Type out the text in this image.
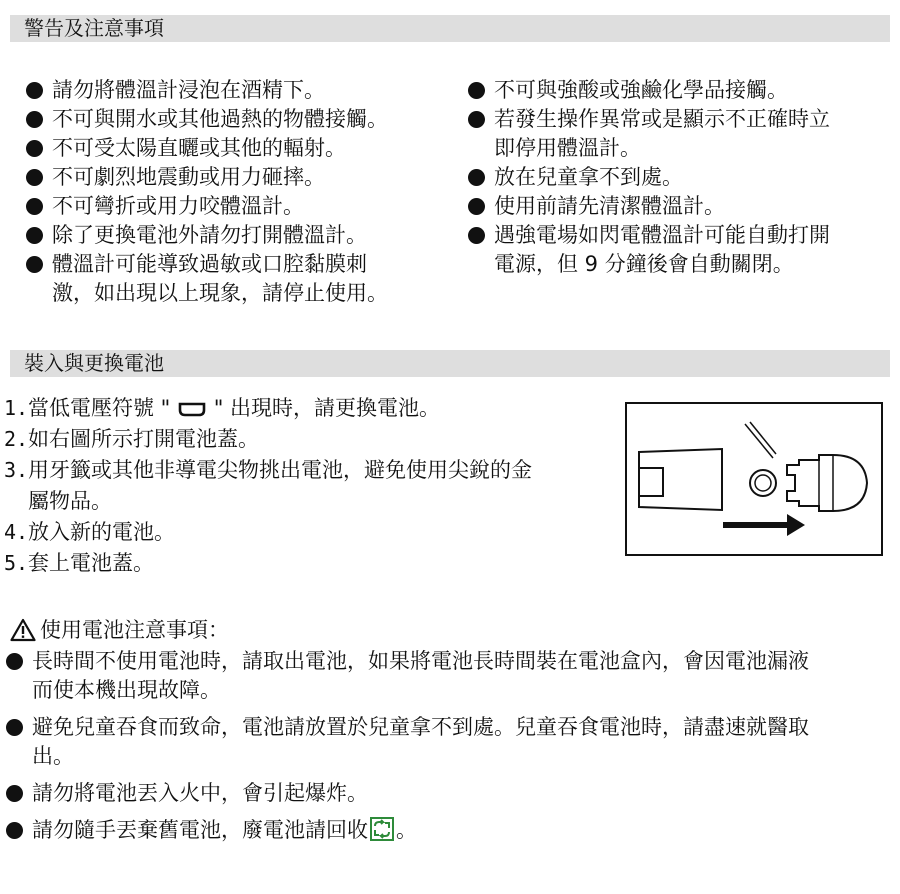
警告及注意事項
請勿將體溫計浸泡在酒精下。
不可與開水或其他過熱的物體接觸。
不可受太陽直曬或其他的輻射。
不可劇烈地震動或用力砸摔。
不可彎折或用力咬體溫計。
除了更換電池外請勿打開體溫計。
體溫計可能導致過敏或口腔黏膜刺
激，如出現以上現象，請停止使用。
不可與強酸或強鹼化學品接觸。
若發生操作異常或是顯示不正確時立
即停用體溫計。
放在兒童拿不到處。
使用前請先清潔體溫計。
遇強電場如閃電體溫計可能自動打開
電源，但 9 分鐘後會自動關閉。
裝入與更換電池
1. 當低電壓符號 " " 出現時，請更換電池。
2. 如右圖所示打開電池蓋。
3. 用牙籤或其他非導電尖物挑出電池，避免使用尖銳的金
屬物品。
4. 放入新的電池。
5. 套上電池蓋。
使用電池注意事項：
長時間不使用電池時，請取出電池，如果將電池長時間裝在電池盒內，會因電池漏液
而使本機出現故障。
避免兒童吞食而致命，電池請放置於兒童拿不到處。兒童吞食電池時，請盡速就醫取
出。
請勿將電池丟入火中，會引起爆炸。
請勿隨手丟棄舊電池，廢電池請回收 。
